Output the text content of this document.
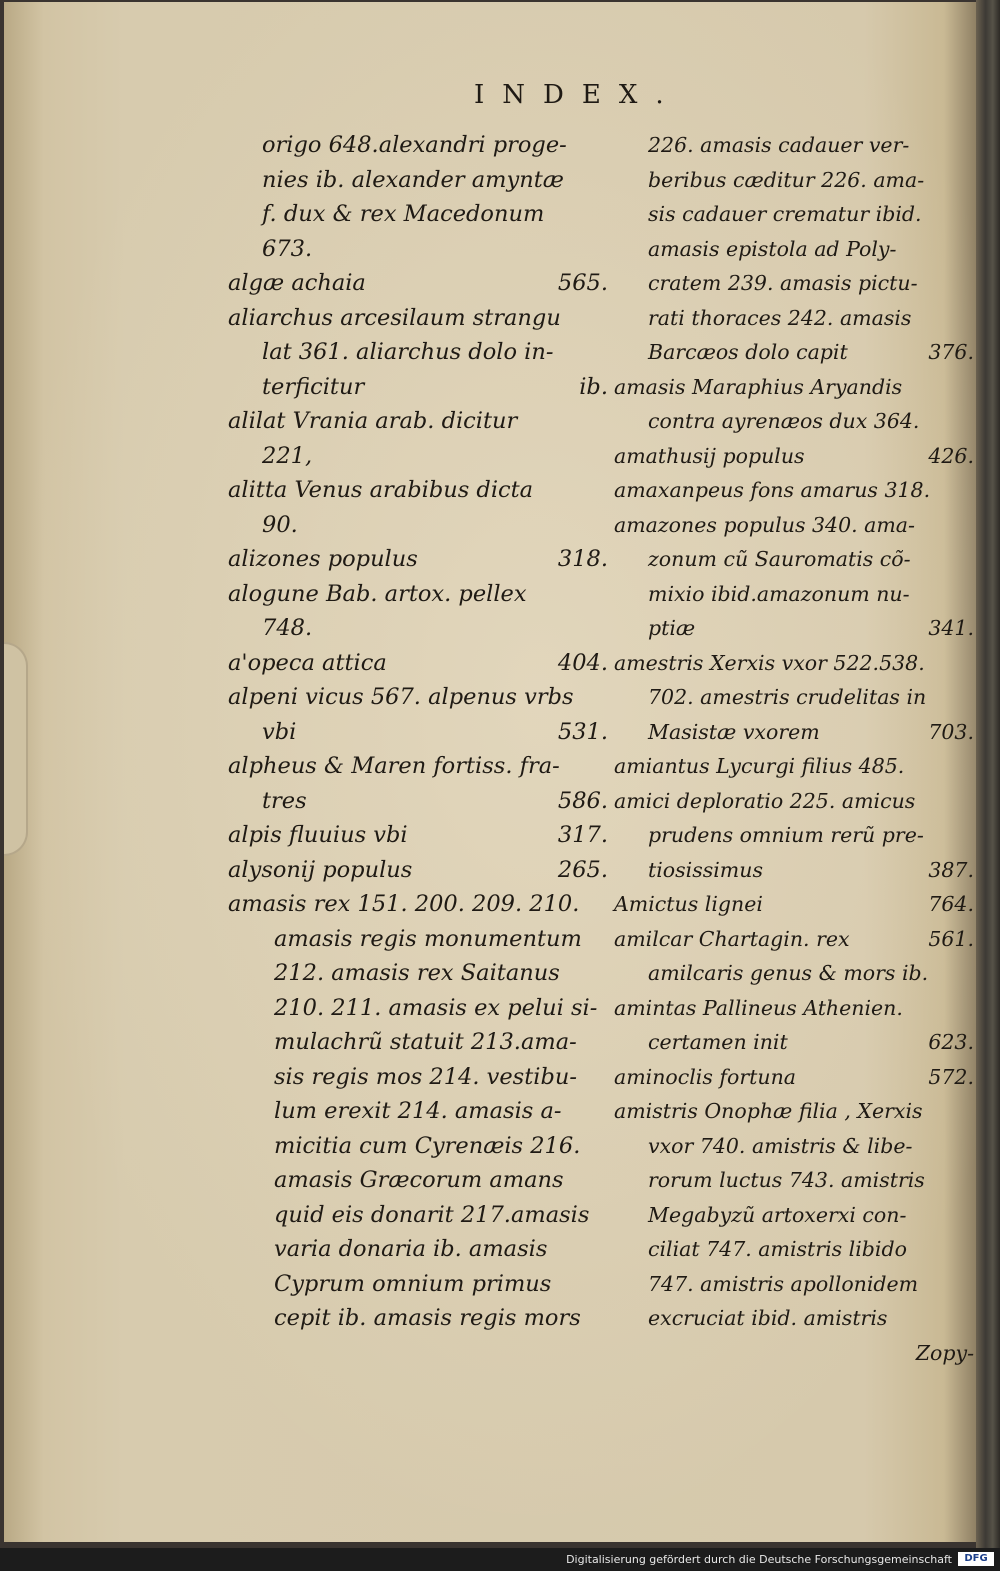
INDEX.
origo 648.alexandri proge-
nies ib. alexander amyntæ
f. dux & rex Macedonum
673.
algæ achaia	565.
aliarchus arcesilaum strangu
lat 361. aliarchus dolo in-
terficitur	ib.
alilat Vrania arab. dicitur
221,
alitta Venus arabibus dicta
90.
alizones populus	318.
alogune Bab. artox. pellex
748.
a'opeca attica	404.
alpeni vicus 567. alpenus vrbs
vbi	531.
alpheus & Maren fortiss. fra-
tres	586.
alpis fluuius vbi	317.
alysonij populus	265.
amasis rex 151. 200. 209. 210.
amasis regis monumentum
212. amasis rex Saitanus
210. 211. amasis ex pelui si-
mulachrũ statuit 213.ama-
sis regis mos 214. vestibu-
lum erexit 214. amasis a-
micitia cum Cyrenæis 216.
amasis Græcorum amans
quid eis donarit 217.amasis
varia donaria ib. amasis
Cyprum omnium primus
cepit ib. amasis regis mors
226. amasis cadauer ver-
beribus cæditur 226. ama-
sis cadauer crematur ibid.
amasis epistola ad Poly-
cratem 239. amasis pictu-
rati thoraces 242. amasis
Barcæos dolo capit	376.
amasis Maraphius Aryandis
contra ayrenæos dux 364.
amathusij populus	426.
amaxanpeus fons amarus 318.
amazones populus 340. ama-
zonum cũ Sauromatis cõ-
mixio ibid.amazonum nu-
ptiæ	341.
amestris Xerxis vxor 522.538.
702. amestris crudelitas in
Masistæ vxorem	703.
amiantus Lycurgi filius 485.
amici deploratio 225. amicus
prudens omnium rerũ pre-
tiosissimus	387.
Amictus lignei	764.
amilcar Chartagin. rex	561.
amilcaris genus & mors ib.
amintas Pallineus Athenien.
certamen init	623.
aminoclis fortuna	572.
amistris Onophæ filia , Xerxis
vxor 740. amistris & libe-
rorum luctus 743. amistris
Megabyzũ artoxerxi con-
ciliat 747. amistris libido
747. amistris apollonidem
excruciat ibid. amistris
Zopy-
Digitalisierung gefördert durch die Deutsche Forschungsgemeinschaft	DFG
